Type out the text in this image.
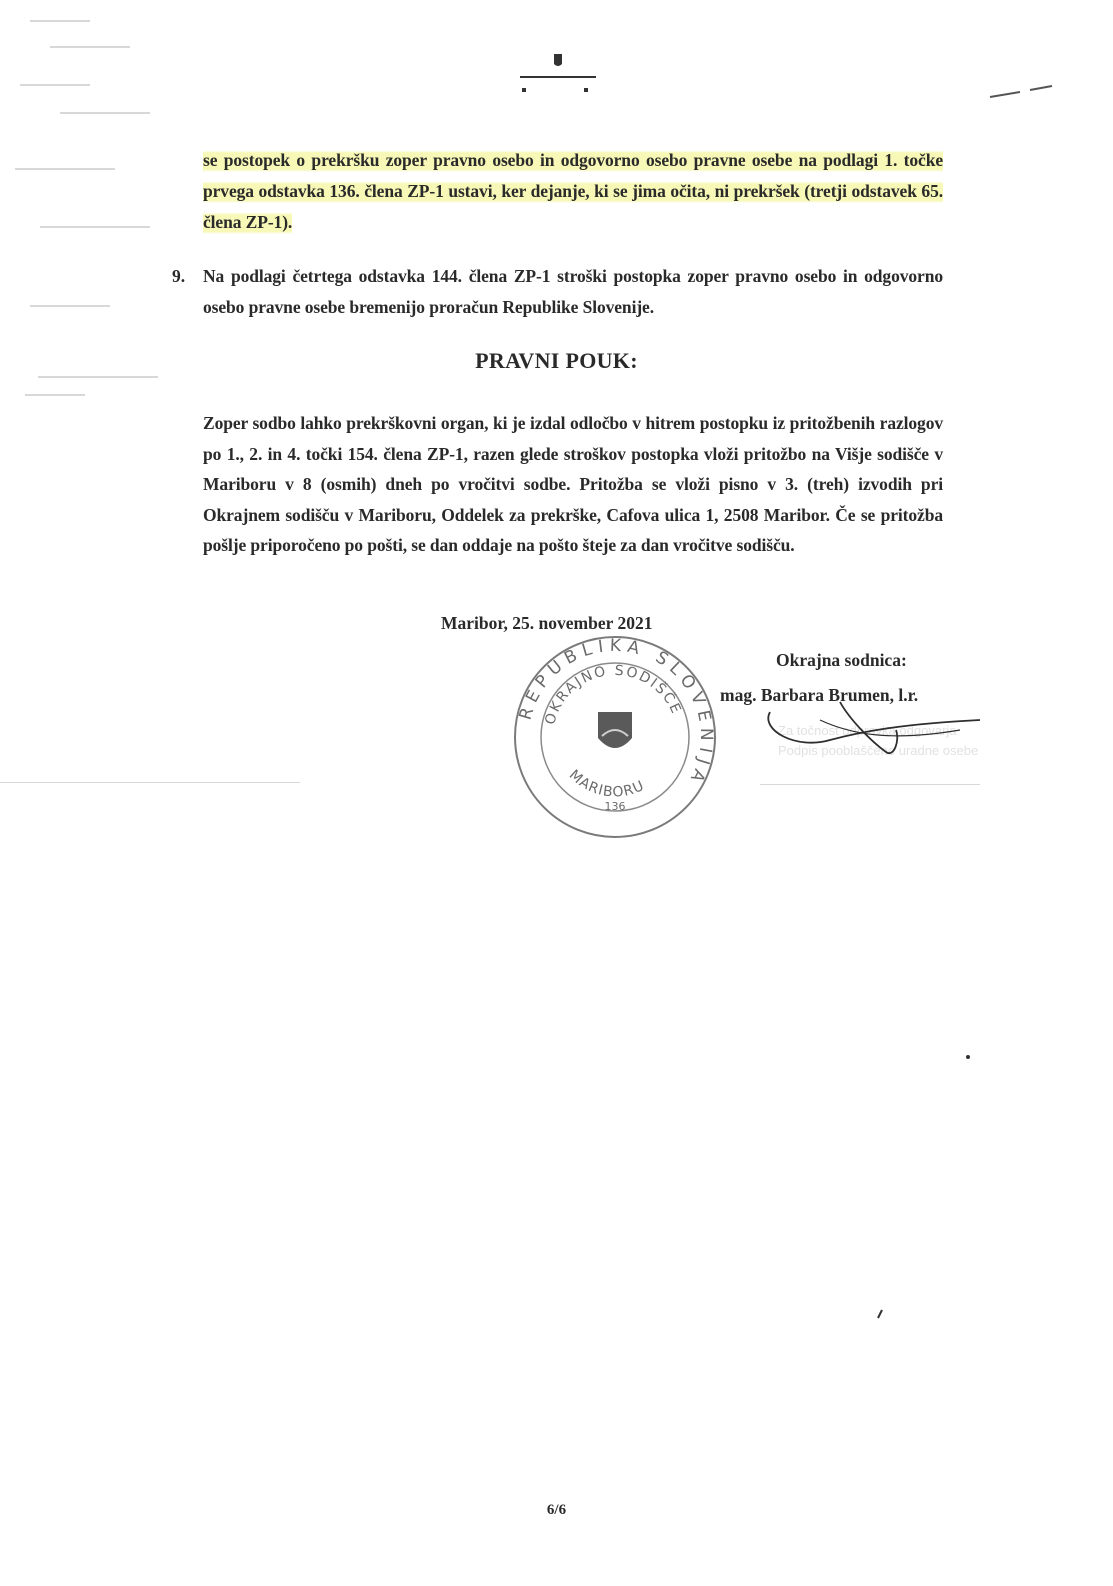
se postopek o prekršku zoper pravno osebo in odgovorno osebo pravne osebe na podlagi 1. točke prvega odstavka 136. člena ZP-1 ustavi, ker dejanje, ki se jima očita, ni prekršek (tretji odstavek 65. člena ZP-1).
9. Na podlagi četrtega odstavka 144. člena ZP-1 stroški postopka zoper pravno osebo in odgovorno osebo pravne osebe bremenijo proračun Republike Slovenije.
PRAVNI POUK:
Zoper sodbo lahko prekrškovni organ, ki je izdal odločbo v hitrem postopku iz pritožbenih razlogov po 1., 2. in 4. točki 154. člena ZP-1, razen glede stroškov postopka vloži pritožbo na Višje sodišče v Mariboru v 8 (osmih) dneh po vročitvi sodbe. Pritožba se vloži pisno v 3. (treh) izvodih pri Okrajnem sodišču v Mariboru, Oddelek za prekrške, Cafova ulica 1, 2508 Maribor. Če se pritožba pošlje priporočeno po pošti, se dan oddaje na pošto šteje za dan vročitve sodišču.
Maribor, 25. november 2021
Okrajna sodnica:
mag. Barbara Brumen, l.r.
Za točnost odpravka odgovarja
Podpis pooblaščene uradne osebe
REPUBLIKA SLOVENIJA
OKRAJNO SODIŠČE
MARIBORU
136
6/6
